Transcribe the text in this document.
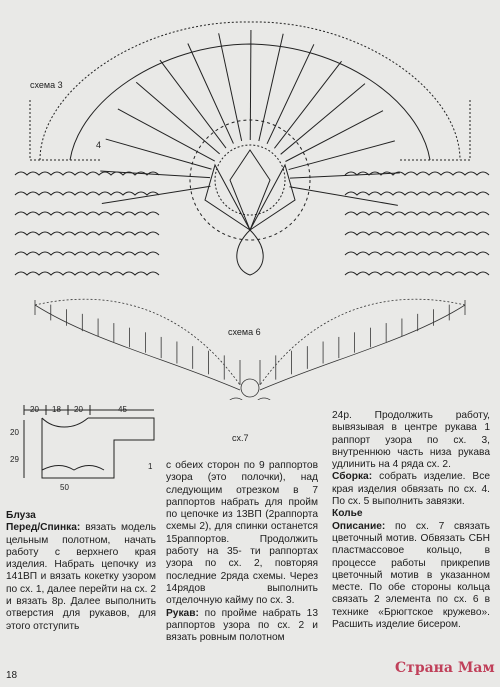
схема 3
схема 6
сх.7
4
20 18 20	45
20
29
50
1

Блуза

Перед/Спинка: вязать модель цельным полотном, начать работу с верхнего края изделия. Набрать цепочку из 141ВП и вязать кокетку узором по сх. 1, далее перейти на сх. 2 и вязать 8р. Далее выполнить отверстия для рукавов, для этого отступить

с обеих сторон по 9 раппортов узора (это полочки), над следующим отрезком в 7 раппортов набрать для пройм по цепочке из 13ВП (2раппорта схемы 2), для спинки останется 15раппортов. Продолжить работу на 35- ти раппортах узора по сх. 2, повторяя последние 2ряда схемы. Через 14рядов выполнить отделочную кайму по сх. 3.

Рукав: по пройме набрать 13 раппортов узора по сх. 2 и вязать ровным полотном

24р. Продолжить работу, вывязывая в центре рукава 1 раппорт узора по сх. 3, внутреннюю часть низа рукава удлинить на 4 ряда сх. 2.

Сборка: собрать изделие. Все края изделия обвязать по сх. 4. По сх. 5 выполнить завязки.

Колье

Описание: по сх. 7 связать цветочный мотив. Обвязать СБН пластмассовое кольцо, в процессе работы прикрепив цветочный мотив в указанном месте. По обе стороны кольца связать 2 элемента по сх. 6 в технике «Брюгтское кружево». Расшить изделие бисером.

18	Страна Мам
